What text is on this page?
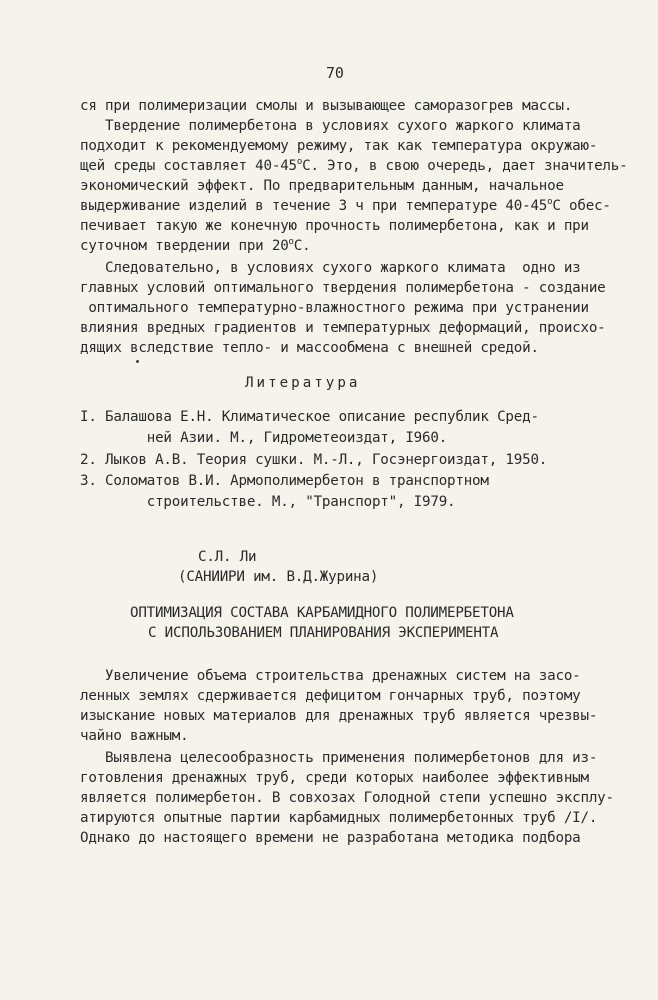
70
ся при полимеризации смолы и вызывающее саморазогрев массы.
Твердение полимербетона в условиях сухого жаркого климата
подходит к рекомендуемому режиму, так как температура окружаю-
щей среды составляет $40-45^оС$. Это, в свою очередь, дает значитель-
экономический эффект. По предварительным данным, начальное
выдерживание изделий в течение 3 ч при температуре $40-45^оС$ обес-
печивает такую же конечную прочность полимербетона, как и при
суточном твердении при $20^оС$.
Следовательно, в условиях сухого жаркого климата  одно из
главных условий оптимального твердения полимербетона - создание
оптимального температурно-влажностного режима при устранении
влияния вредных градиентов и температурных деформаций, происхо-
дящих вследствие тепло- и массообмена с внешней средой.
Литература
I. Балашова Е.Н. Климатическое описание республик Сред-
ней Азии. М., Гидрометеоиздат, I960.
2. Лыков А.В. Теория сушки. М.-Л., Госэнергоиздат, 1950.
3. Соломатов В.И. Армополимербетон в транспортном
строительстве. М., "Транспорт", I979.
С.Л. Ли
(САНИИРИ им. В.Д.Журина)
ОПТИМИЗАЦИЯ СОСТАВА КАРБАМИДНОГО ПОЛИМЕРБЕТОНА
С ИСПОЛЬЗОВАНИЕМ ПЛАНИРОВАНИЯ ЭКСПЕРИМЕНТА
Увеличение объема строительства дренажных систем на засо-
ленных землях сдерживается дефицитом гончарных труб, поэтому
изыскание новых материалов для дренажных труб является чрезвы-
чайно важным.
Выявлена целесообразность применения полимербетонов для из-
готовления дренажных труб, среди которых наиболее эффективным
является полимербетон. В совхозах Голодной степи успешно эксплу-
атируются опытные партии карбамидных полимербетонных труб /I/.
Однако до настоящего времени не разработана методика подбора
